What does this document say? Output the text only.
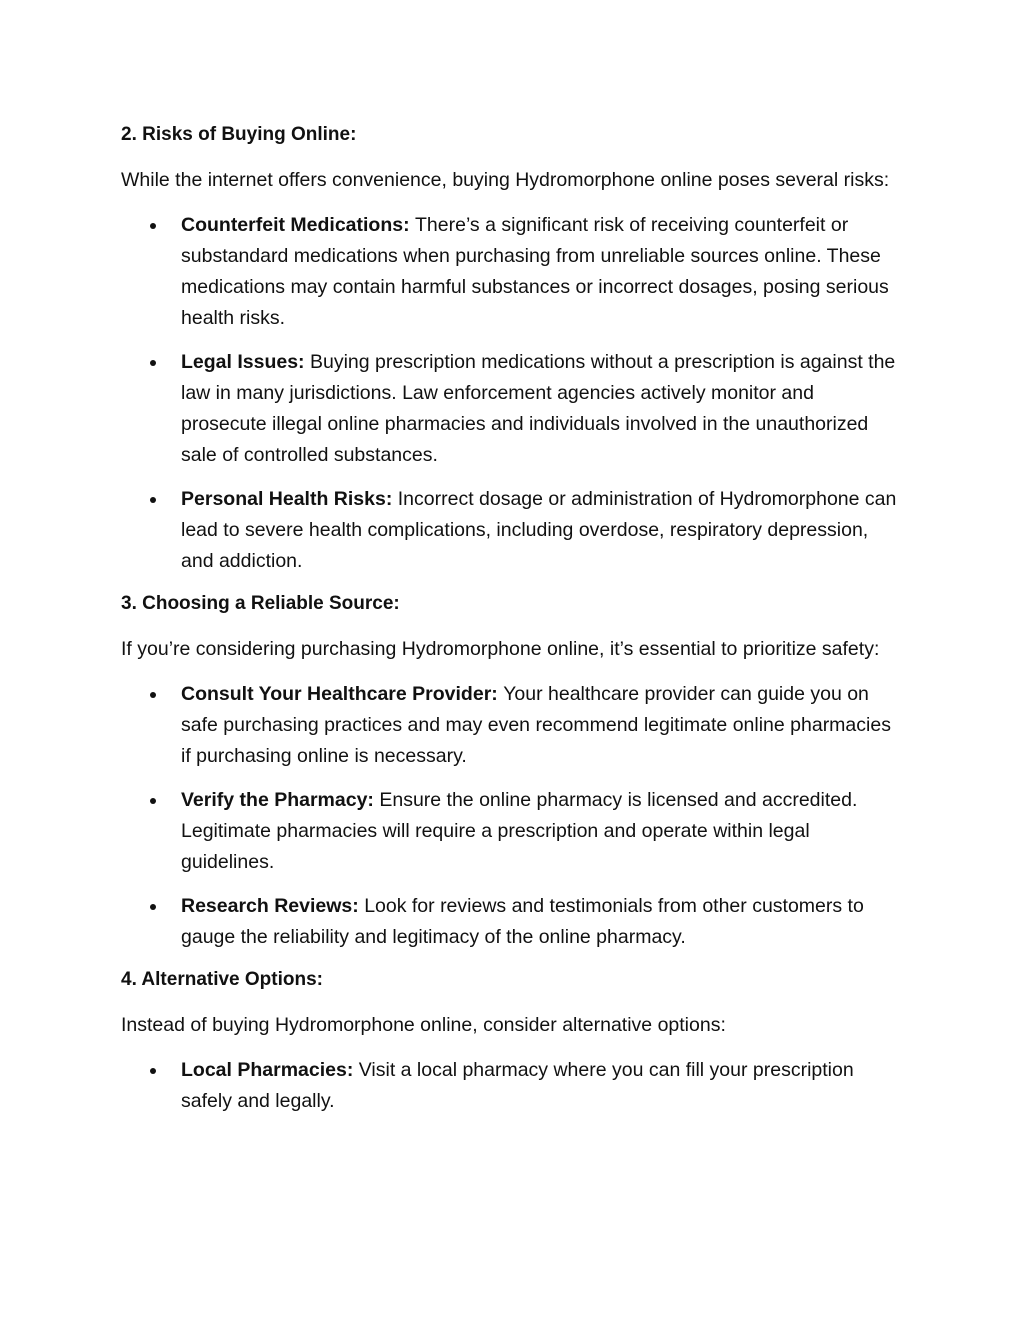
2. Risks of Buying Online:

While the internet offers convenience, buying Hydromorphone online poses several risks:

Counterfeit Medications: There’s a significant risk of receiving counterfeit or substandard medications when purchasing from unreliable sources online. These medications may contain harmful substances or incorrect dosages, posing serious health risks.
Legal Issues: Buying prescription medications without a prescription is against the law in many jurisdictions. Law enforcement agencies actively monitor and prosecute illegal online pharmacies and individuals involved in the unauthorized sale of controlled substances.
Personal Health Risks: Incorrect dosage or administration of Hydromorphone can lead to severe health complications, including overdose, respiratory depression, and addiction.
3. Choosing a Reliable Source:

If you’re considering purchasing Hydromorphone online, it’s essential to prioritize safety:

Consult Your Healthcare Provider: Your healthcare provider can guide you on safe purchasing practices and may even recommend legitimate online pharmacies if purchasing online is necessary.
Verify the Pharmacy: Ensure the online pharmacy is licensed and accredited. Legitimate pharmacies will require a prescription and operate within legal guidelines.
Research Reviews: Look for reviews and testimonials from other customers to gauge the reliability and legitimacy of the online pharmacy.
4. Alternative Options:

Instead of buying Hydromorphone online, consider alternative options:

Local Pharmacies: Visit a local pharmacy where you can fill your prescription safely and legally.
